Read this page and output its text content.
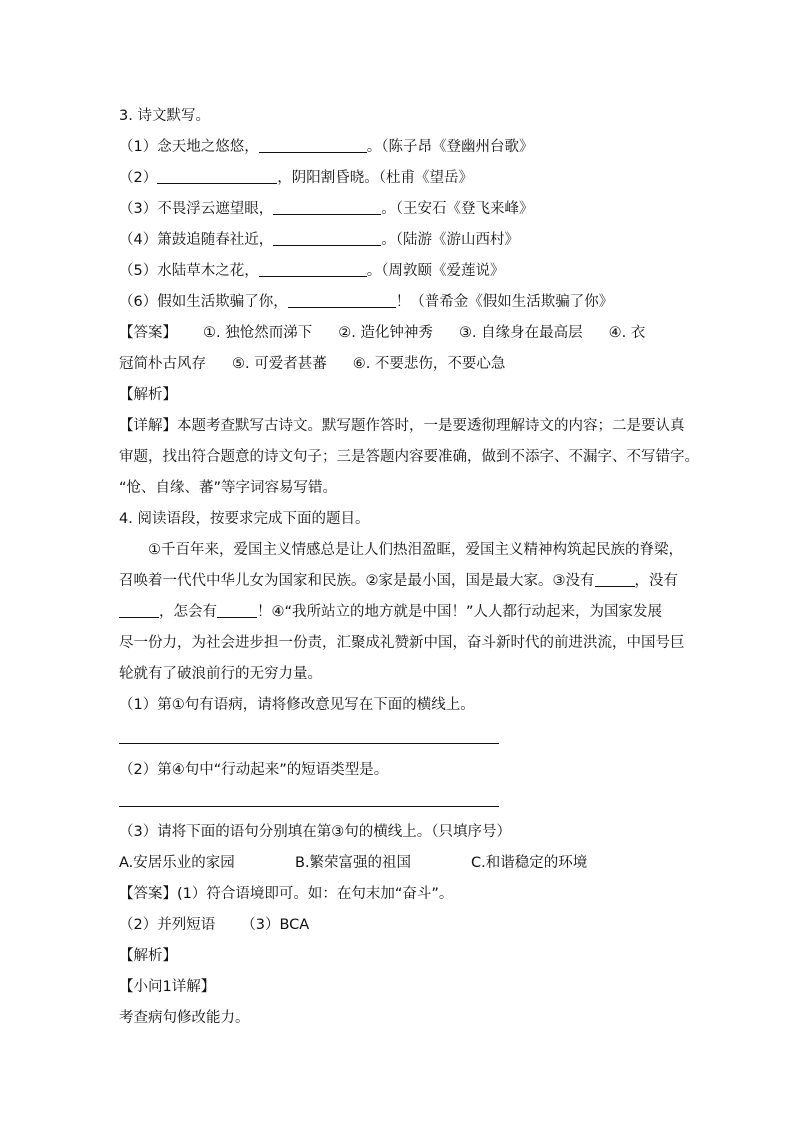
3. 诗文默写。
（1）念天地之悠悠，	。（陈子昂《登幽州台歌》
（2）	，阴阳割昏晓。（杜甫《望岳》
（3）不畏浮云遮望眼，	。（王安石《登飞来峰》
（4）箫鼓追随春社近，	。（陆游《游山西村》
（5）水陆草木之花，	。（周敦颐《爱莲说》
（6）假如生活欺骗了你，	！（普希金《假如生活欺骗了你》
【答案】 ①. 独怆然而涕下 ②. 造化钟神秀 ③. 自缘身在最高层 ④. 衣
冠简朴古风存 ⑤. 可爱者甚蕃 ⑥. 不要悲伤，不要心急
【解析】
【详解】本题考查默写古诗文。默写题作答时，一是要透彻理解诗文的内容；二是要认真
审题，找出符合题意的诗文句子；三是答题内容要准确，做到不添字、不漏字、不写错字。
“怆、自缘、蕃”等字词容易写错。
4. 阅读语段，按要求完成下面的题目。
①千百年来，爱国主义情感总是让人们热泪盈眶，爱国主义精神构筑起民族的脊梁，
召唤着一代代中华儿女为国家和民族。②家是最小国，国是最大家。③没有	，没有
，怎会有	！④“我所站立的地方就是中国！”人人都行动起来，为国家发展
尽一份力，为社会进步担一份责，汇聚成礼赞新中国，奋斗新时代的前进洪流，中国号巨
轮就有了破浪前行的无穷力量。
（1）第①句有语病，请将修改意见写在下面的横线上。
（2）第④句中“行动起来”的短语类型是。
（3）请将下面的语句分别填在第③句的横线上。（只填序号）
A.安居乐业的家园	B.繁荣富强的祖国	C.和谐稳定的环境
【答案】(1）符合语境即可。如：在句末加“奋斗”。
（2）并列短语 （3）BCA
【解析】
【小问1详解】
考查病句修改能力。
